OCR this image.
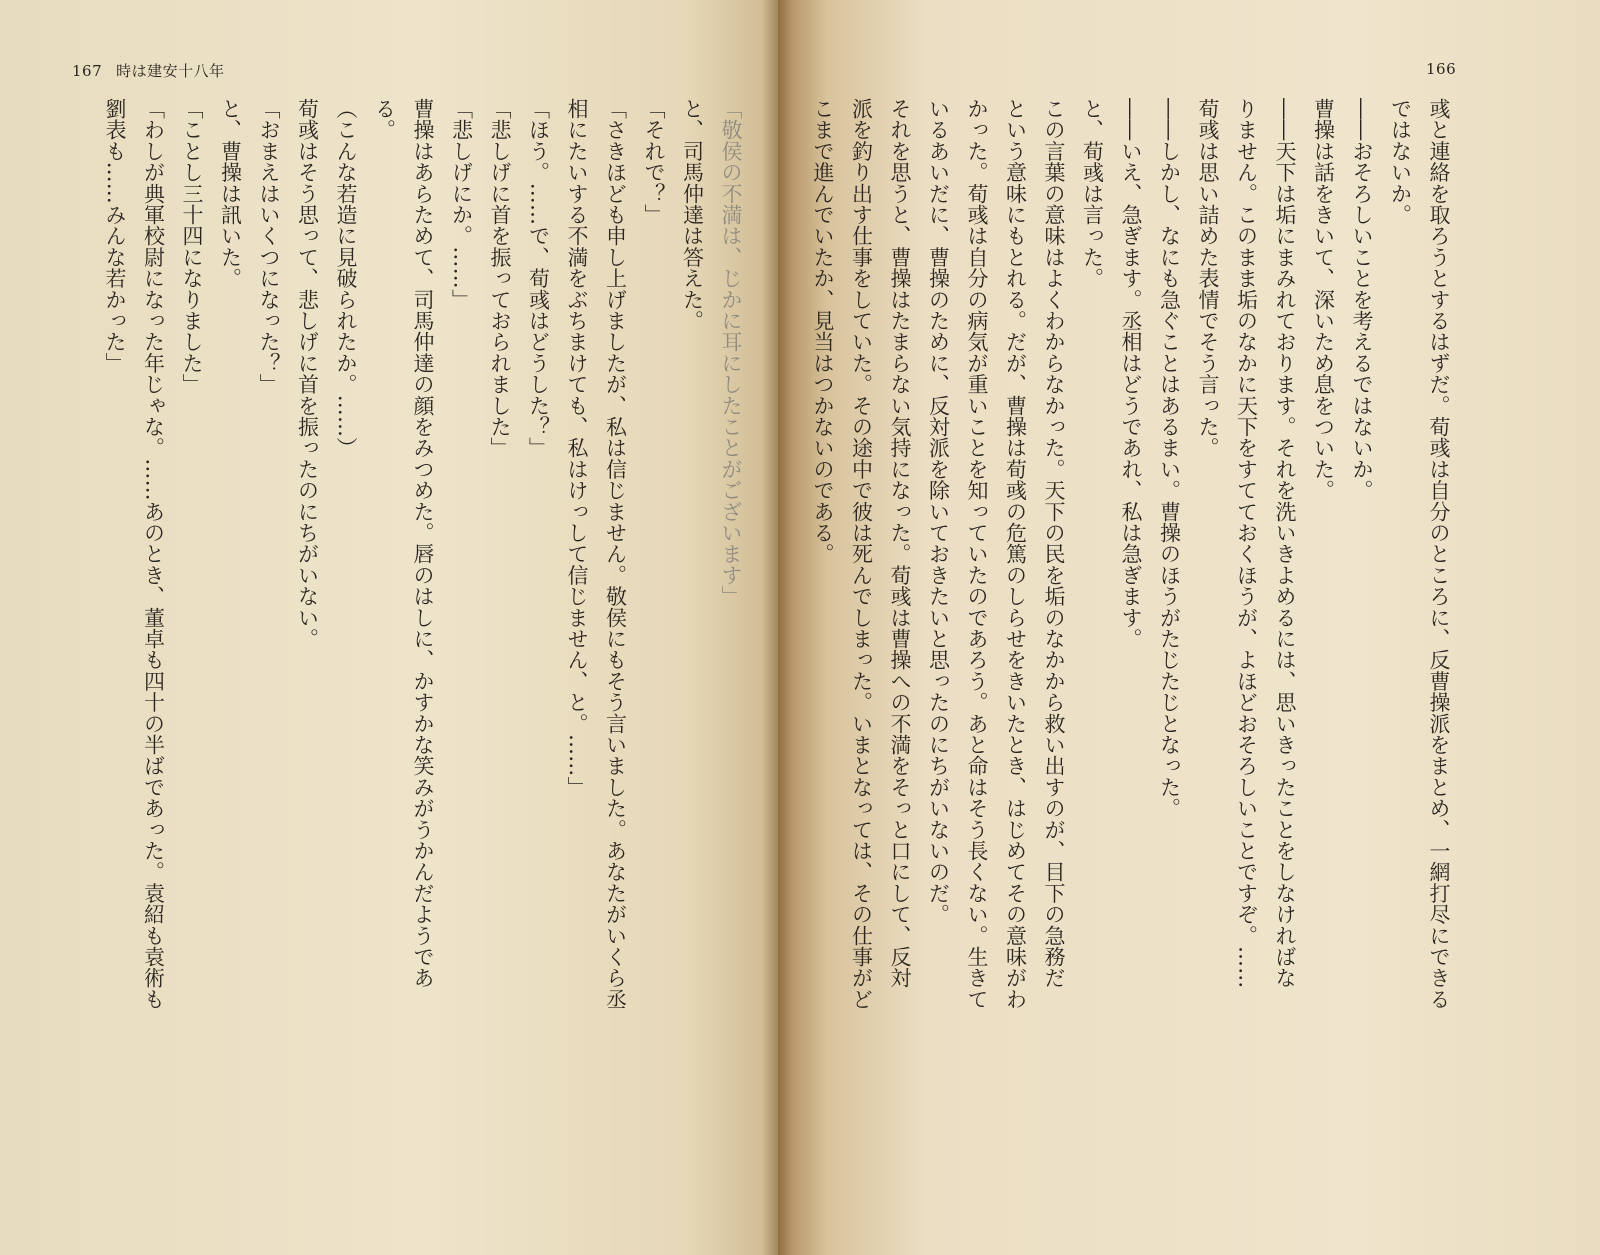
167 時は建安十八年	166
彧と連絡を取ろうとするはずだ。荀彧は自分のところに、反曹操派をまとめ、一網打尽にできる
ではないか。
――おそろしいことを考えるではないか。
曹操は話をきいて、深いため息をついた。
――天下は垢にまみれております。それを洗いきよめるには、思いきったことをしなければな
りません。このまま垢のなかに天下をすてておくほうが、よほどおそろしいことですぞ。……
荀彧は思い詰めた表情でそう言った。
――しかし、なにも急ぐことはあるまい。曹操のほうがたじたじとなった。
――いえ、急ぎます。丞相はどうであれ、私は急ぎます。
と、荀彧は言った。
この言葉の意味はよくわからなかった。天下の民を垢のなかから救い出すのが、目下の急務だ
という意味にもとれる。だが、曹操は荀彧の危篤のしらせをきいたとき、はじめてその意味がわ
かった。荀彧は自分の病気が重いことを知っていたのであろう。あと命はそう長くない。生きて
いるあいだに、曹操のために、反対派を除いておきたいと思ったのにちがいないのだ。
それを思うと、曹操はたまらない気持になった。荀彧は曹操への不満をそっと口にして、反対
派を釣り出す仕事をしていた。その途中で彼は死んでしまった。いまとなっては、その仕事がど
こまで進んでいたか、見当はつかないのである。
「敬侯の不満は、じかに耳にしたことがございます」
と、司馬仲達は答えた。
「それで？」
「さきほども申し上げましたが、私は信じません。敬侯にもそう言いました。あなたがいくら丞
相にたいする不満をぶちまけても、私はけっして信じません、と。……」
「ほう。……で、荀彧はどうした？」
「悲しげに首を振っておられました」
「悲しげにか。……」
曹操はあらためて、司馬仲達の顔をみつめた。唇のはしに、かすかな笑みがうかんだようであ
る。
（こんな若造に見破られたか。……）
荀彧はそう思って、悲しげに首を振ったのにちがいない。
「おまえはいくつになった？」
と、曹操は訊いた。
「ことし三十四になりました」
「わしが典軍校尉になった年じゃな。……あのとき、董卓も四十の半ばであった。袁紹も袁術も
劉表も……みんな若かった」
